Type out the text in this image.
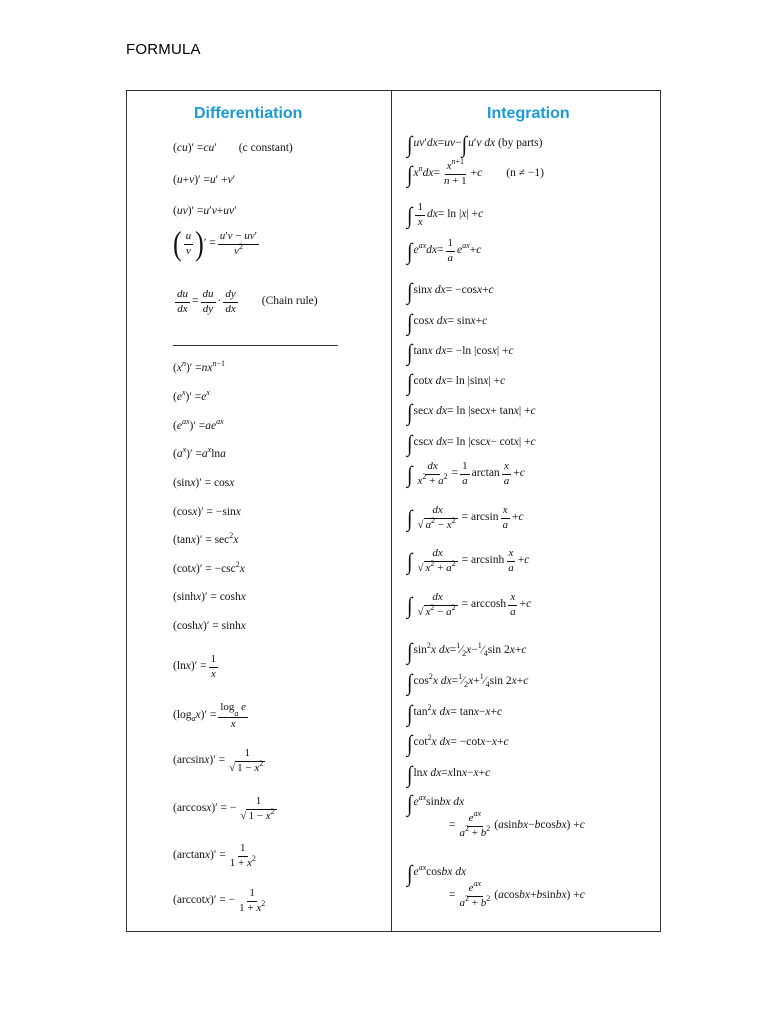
FORMULA
Differentiation	Integration
( cu )′ = cu ′ (c constant)
( u + v )′ = u ′ + v ′
( uv )′ = u ′ v + uv ′
( $\frac{u}{v}$ ) ′ = $\frac{u'v - uv'}{v^2}$
$\frac{du}{dx} = \frac{du}{dy} \cdot \frac{dy}{dx}$ (Chain rule)
( x $^n$ )′ = nx $^{n-1}$
( e $^x$ )′ = e $^x$
( e $^{ax}$ )′ = ae $^{ax}$
( a $^x$ )′ = a $^x$ ln a
(sin x )′ = cos x
(cos x )′ = −sin x
(tan x )′ = $\sec^2 x$
(cot x )′ = $-\csc^2$ x
(sinh x )′ = cosh x
(cosh x )′ = sinh x
(ln x )′ = $\frac{1}{x}$
(log $_a$ x )′ = $\frac{\log_a e}{x}$
(arcsin x )′ = $\frac{1}{√ 1 - x^2}$
(arccos x )′ = − $\frac{1}{√ 1 - x^2}$
(arctan x )′ = $\frac{1}{1 + x^2}$
(arccot x )′ = − $\frac{1}{1 + x^2}$
∫ uv ′ dx = uv − ∫ u ′ v dx
(by parts)
∫ x $^n$ dx = $\frac{x^{n+1}}{n + 1} + c$ (n ≠ −1)
∫ $\frac{1}{x}$ dx = ln | x | + c
∫ e $^{ax}$ dx = $\frac{1}{a}$ e $^{ax}$ + c
∫ sin x dx = −cos x + c
∫ cos x dx = sin x + c
∫ tan x dx = −ln |cos x | + c
∫ cot x dx = ln |sin x | + c
∫ sec x dx = ln |sec x + tan x | + c
∫ csc x dx = ln |csc x − cot x | + c
∫ $\frac{dx}{x^2 + a^2} = \frac{1}{a}$ $\arctan \frac{x}{a} + c$
∫ $\frac{dx}{√ a^2 - x^2} = \arcsin \frac{x}{a} + c$
∫ $\frac{dx}{√ x^2 + a^2} = \arcsin h \frac{x}{a} + c$
∫ $\frac{dx}{√ x^2 - a^2} = \arccos h \frac{x}{a} + c$
∫ $\sin^2 x$ dx = $^1$ $⁄_2$ x − $^1$ $⁄_4$ sin 2 x + c
∫ $\cos^2 x$ dx = $^1$ $⁄_2$ x + $^1$ $⁄_4$ sin 2 x + c
∫ $\tan^2 x$ dx = tan x − x + c
∫ $\cot^2 x$ dx = −cot x − x + c
∫ ln x dx = x ln x − x + c
∫ e $^{ax}$ sin bx dx
= $\frac{e^{ax}}{a^2 + b^2}$ ( a sin bx − b cos bx ) + c
∫ e $^{ax}$ cos bx dx
= $\frac{e^{ax}}{a^2 + b^2}$ ( a cos bx + b sin bx ) + c
